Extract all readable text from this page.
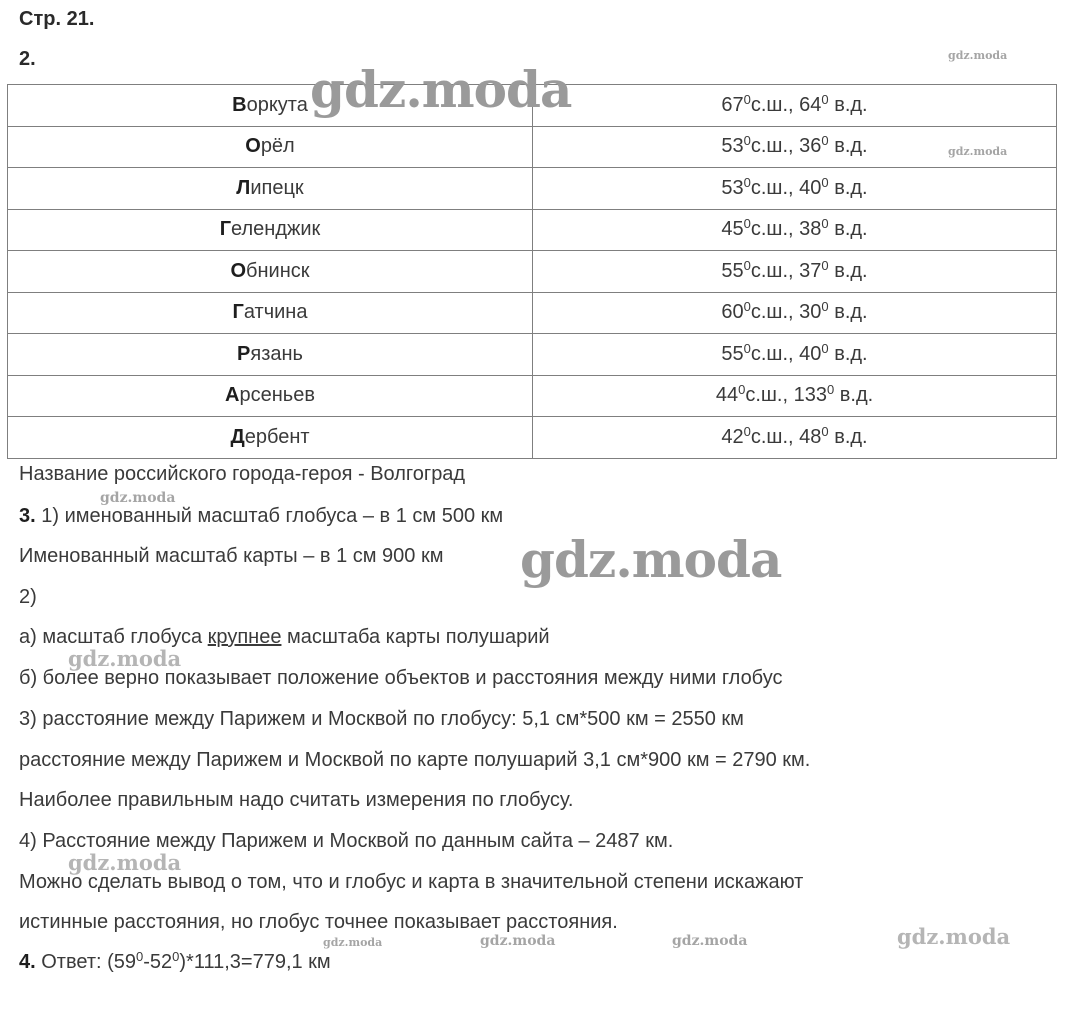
Стр. 21.
2.
Воркута	$67^0с.ш$., $64^0$ в.д.
Орёл	$53^0с.ш$., $36^0$ в.д.
Липецк	$53^0с.ш$., $40^0$ в.д.
Геленджик	$45^0с.ш$., $38^0$ в.д.
Обнинск	$55^0с.ш$., $37^0$ в.д.
Гатчина	$60^0с.ш$., $30^0$ в.д.
Рязань	$55^0с.ш$., $40^0$ в.д.
Арсеньев	$44^0с.ш$., $133^0$ в.д.
Дербент	$42^0с.ш$., $48^0$ в.д.
Название российского города-героя - Волгоград
3. 1) именованный масштаб глобуса – в 1 см 500 км
Именованный масштаб карты – в 1 см 900 км
2)
а) масштаб глобуса крупнее масштаба карты полушарий
б) более верно показывает положение объектов и расстояния между ними глобус
3) расстояние между Парижем и Москвой по глобусу: 5,1 см*500 км = 2550 км
расстояние между Парижем и Москвой по карте полушарий 3,1 см*900 км = 2790 км.
Наиболее правильным надо считать измерения по глобусу.
4) Расстояние между Парижем и Москвой по данным сайта – 2487 км.
Можно сделать вывод о том, что и глобус и карта в значительной степени искажают
истинные расстояния, но глобус точнее показывает расстояния.
4. Ответ: $(59^0-52^0)*111,3=779,1$ км
gdz.moda
gdz.moda
gdz.moda
gdz.moda
gdz.moda
gdz.moda
gdz.moda
gdz.moda	gdz.moda	gdz.moda	gdz.moda
